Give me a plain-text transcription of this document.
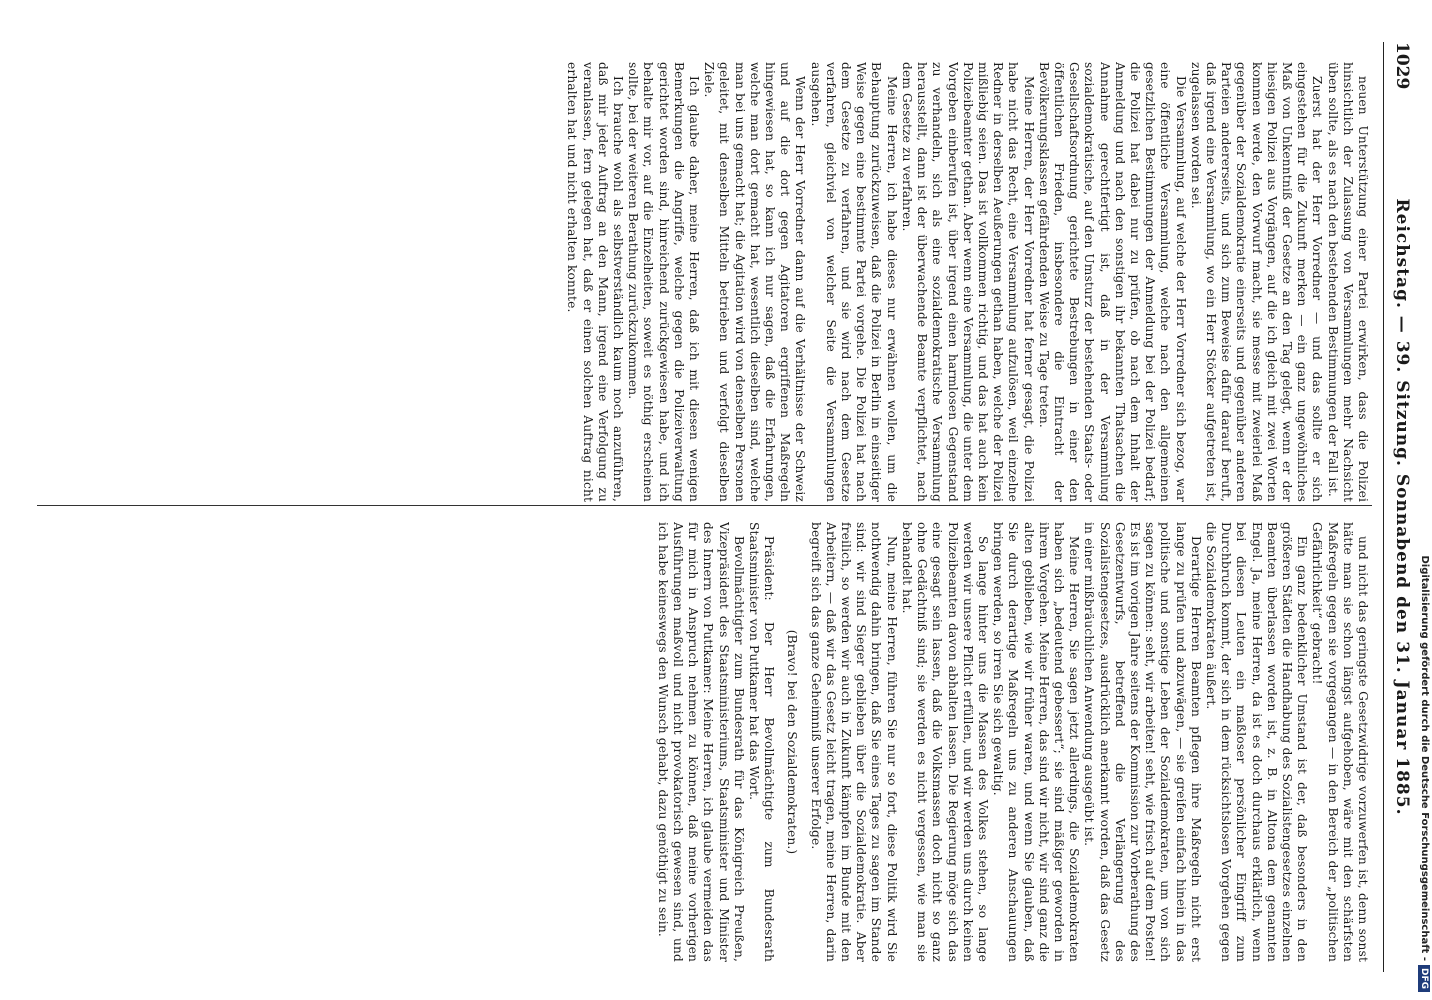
1029
Reichstag. — 39. Sitzung. Sonnabend den 31. Januar 1885.

neuen Unterstützung einer Partei erwirken, dass die Polizei hinsichtlich der Zulassung von Versammlungen mehr Nachsicht üben sollte, als es nach den bestehenden Bestimmungen der Fall ist.

Zuerst hat der Herr Vorredner — und das sollte er sich eingestehen für die Zukunft merken — ein ganz ungewöhnliches Maß von Unkenntniß der Gesetze an den Tag gelegt, wenn er der hiesigen Polizei aus Vorgängen, auf die ich gleich mit zwei Worten kommen werde, den Vorwurf macht, sie messe mit zweierlei Maß gegenüber der Sozialdemokratie einerseits und gegenüber anderen Parteien andererseits, und sich zum Beweise dafür darauf beruft, daß irgend eine Versammlung, wo ein Herr Stöcker aufgetreten ist, zugelassen worden sei.

Die Versammlung, auf welche der Herr Vorredner sich bezog, war eine öffentliche Versammlung, welche nach den allgemeinen gesetzlichen Bestimmungen der Anmeldung bei der Polizei bedarf; die Polizei hat dabei nur zu prüfen, ob nach dem Inhalt der Anmeldung und nach den sonstigen ihr bekannten Thatsachen die Annahme gerechtfertigt ist, daß in der Versammlung sozialdemokratische, auf den Umsturz der bestehenden Staats- oder Gesellschaftsordnung gerichtete Bestrebungen in einer den öffentlichen Frieden, insbesondere die Eintracht der Bevölkerungsklassen gefährdenden Weise zu Tage treten.

Meine Herren, der Herr Vorredner hat ferner gesagt, die Polizei habe nicht das Recht, eine Versammlung aufzulösen, weil einzelne Redner in derselben Aeußerungen gethan haben, welche der Polizei mißliebig seien. Das ist vollkommen richtig, und das hat auch kein Polizeibeamter gethan. Aber wenn eine Versammlung, die unter dem Vorgeben einberufen ist, über irgend einen harmlosen Gegenstand zu verhandeln, sich als eine sozialdemokratische Versammlung herausstellt, dann ist der überwachende Beamte verpflichtet, nach dem Gesetze zu verfahren.

Meine Herren, ich habe dieses nur erwähnen wollen, um die Behauptung zurückzuweisen, daß die Polizei in Berlin in einseitiger Weise gegen eine bestimmte Partei vorgehe. Die Polizei hat nach dem Gesetze zu verfahren, und sie wird nach dem Gesetze verfahren, gleichviel von welcher Seite die Versammlungen ausgehen.

Wenn der Herr Vorredner dann auf die Verhältnisse der Schweiz und auf die dort gegen Agitatoren ergriffenen Maßregeln hingewiesen hat, so kann ich nur sagen, daß die Erfahrungen, welche man dort gemacht hat, wesentlich dieselben sind, welche man bei uns gemacht hat; die Agitation wird von denselben Personen geleitet, mit denselben Mitteln betrieben und verfolgt dieselben Ziele.

Ich glaube daher, meine Herren, daß ich mit diesen wenigen Bemerkungen die Angriffe, welche gegen die Polizeiverwaltung gerichtet worden sind, hinreichend zurückgewiesen habe, und ich behalte mir vor, auf die Einzelheiten, soweit es nöthig erscheinen sollte, bei der weiteren Berathung zurückzukommen.

Ich brauche wohl als selbstverständlich kaum noch anzuführen, daß mir jeder Auftrag an den Mann, irgend eine Verfolgung zu veranlassen, fern gelegen hat, daß er einen solchen Auftrag nicht erhalten hat und nicht erhalten konnte.

und nicht das geringste Gesetzwidrige vorzuwerfen ist, denn sonst hätte man sie schon längst aufgehoben, wäre mit den schärfsten Maßregeln gegen sie vorgegangen — in den Bereich der „politischen Gefährlichkeit“ gebracht!

Ein ganz bedenklicher Umstand ist der, daß besonders in den größeren Städten die Handhabung des Sozialistengesetzes einzelnen Beamten überlassen worden ist, z. B. in Altona dem genannten Engel. Ja, meine Herren, da ist es doch durchaus erklärlich, wenn bei diesen Leuten ein maßloser persönlicher Eingriff zum Durchbruch kommt, der sich in dem rücksichtslosen Vorgehen gegen die Sozialdemokraten äußert.

Derartige Herren Beamten pflegen ihre Maßregeln nicht erst lange zu prüfen und abzuwägen, — sie greifen einfach hinein in das politische und sonstige Leben der Sozialdemokraten, um von sich sagen zu können: seht, wir arbeiten! seht, wie frisch auf dem Posten! Es ist im vorigen Jahre seitens der Kommission zur Vorberathung des Gesetzentwurfs, betreffend die Verlängerung des Sozialistengesetzes, ausdrücklich anerkannt worden, daß das Gesetz in einer mißbräuchlichen Anwendung ausgeübt ist.

Meine Herren, Sie sagen jetzt allerdings, die Sozialdemokraten haben sich „bedeutend gebessert“; sie sind mäßiger geworden in ihrem Vorgehen. Meine Herren, das sind wir nicht, wir sind ganz die alten geblieben, wie wir früher waren, und wenn Sie glauben, daß Sie durch derartige Maßregeln uns zu anderen Anschauungen bringen werden, so irren Sie sich gewaltig.

So lange hinter uns die Massen des Volkes stehen, so lange werden wir unsere Pflicht erfüllen, und wir werden uns durch keinen Polizeibeamten davon abhalten lassen. Die Regierung möge sich das eine gesagt sein lassen, daß die Volksmassen doch nicht so ganz ohne Gedächtniß sind; sie werden es nicht vergessen, wie man sie behandelt hat.

Nun, meine Herren, führen Sie nur so fort, diese Politik wird Sie nothwendig dahin bringen, daß Sie eines Tages zu sagen im Stande sind: wir sind Sieger geblieben über die Sozialdemokratie. Aber freilich, so werden wir auch in Zukunft kämpfen im Bunde mit den Arbeitern, — daß wir das Gesetz leicht tragen, meine Herren, darin begreift sich das ganze Geheimniß unserer Erfolge.

(Bravo! bei den Sozialdemokraten.)

Präsident: Der Herr Bevollmächtigte zum Bundesrath Staatsminister von Puttkamer hat das Wort.

Bevollmächtigter zum Bundesrath für das Königreich Preußen, Vizepräsident des Staatsministeriums, Staatsminister und Minister des Innern von Puttkamer: Meine Herren, ich glaube vermeiden das für mich in Anspruch nehmen zu können, daß meine vorherigen Ausführungen maßvoll und nicht provokatorisch gewesen sind, und ich habe keineswegs den Wunsch gehabt, dazu genöthigt zu sein.	Digitalisierung gefördert durch die Deutsche Forschungsgemeinschaft -DFG
